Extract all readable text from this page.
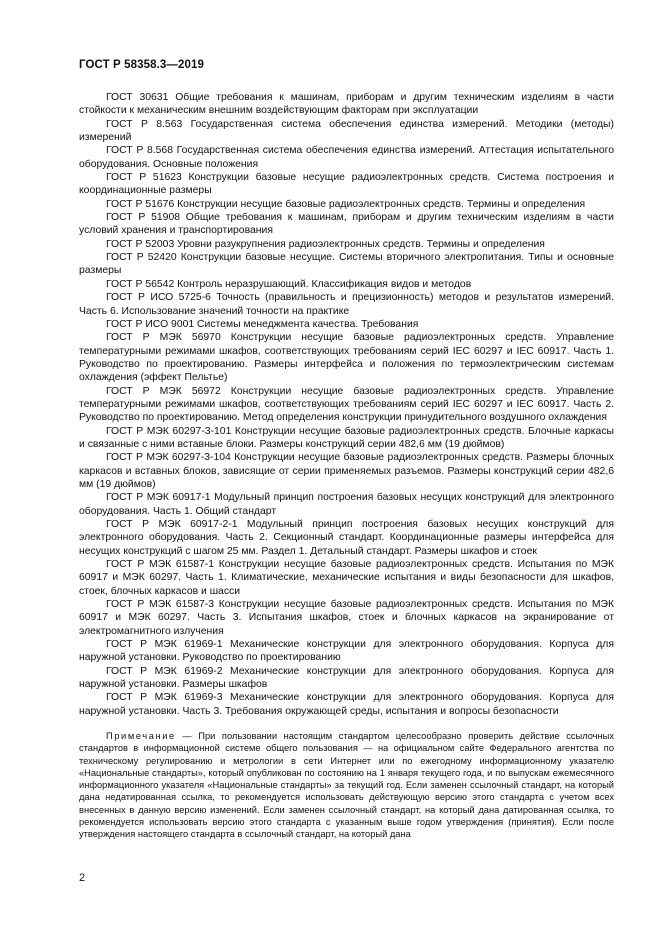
ГОСТ Р 58358.3—2019

ГОСТ 30631 Общие требования к машинам, приборам и другим техническим изделиям в части стойкости к механическим внешним воздействующим факторам при эксплуатации

ГОСТ Р 8.563 Государственная система обеспечения единства измерений. Методики (методы) измерений

ГОСТ Р 8.568 Государственная система обеспечения единства измерений. Аттестация испытательного оборудования. Основные положения

ГОСТ Р 51623 Конструкции базовые несущие радиоэлектронных средств. Система построения и координационные размеры

ГОСТ Р 51676 Конструкции несущие базовые радиоэлектронных средств. Термины и определения

ГОСТ Р 51908 Общие требования к машинам, приборам и другим техническим изделиям в части условий хранения и транспортирования

ГОСТ Р 52003 Уровни разукрупнения радиоэлектронных средств. Термины и определения

ГОСТ Р 52420 Конструкции базовые несущие. Системы вторичного электропитания. Типы и основные размеры

ГОСТ Р 56542 Контроль неразрушающий. Классификация видов и методов

ГОСТ Р ИСО 5725-6 Точность (правильность и прецизионность) методов и результатов измерений. Часть 6. Использование значений точности на практике

ГОСТ Р ИСО 9001 Системы менеджмента качества. Требования

ГОСТ Р МЭК 56970 Конструкции несущие базовые радиоэлектронных средств. Управление температурными режимами шкафов, соответствующих требованиям серий IEC 60297 и IEC 60917. Часть 1. Руководство по проектированию. Размеры интерфейса и положения по термоэлектрическим системам охлаждения (эффект Пельтье)

ГОСТ Р МЭК 56972 Конструкции несущие базовые радиоэлектронных средств. Управление температурными режимами шкафов, соответствующих требованиям серий IEC 60297 и IEC 60917. Часть 2. Руководство по проектированию. Метод определения конструкции принудительного воздушного охлаждения

ГОСТ Р МЭК 60297-3-101 Конструкции несущие базовые радиоэлектронных средств. Блочные каркасы и связанные с ними вставные блоки. Размеры конструкций серии 482,6 мм (19 дюймов)

ГОСТ Р МЭК 60297-3-104 Конструкции несущие базовые радиоэлектронных средств. Размеры блочных каркасов и вставных блоков, зависящие от серии применяемых разъемов. Размеры конструкций серии 482,6 мм (19 дюймов)

ГОСТ Р МЭК 60917-1 Модульный принцип построения базовых несущих конструкций для электронного оборудования. Часть 1. Общий стандарт

ГОСТ Р МЭК 60917-2-1 Модульный принцип построения базовых несущих конструкций для электронного оборудования. Часть 2. Секционный стандарт. Координационные размеры интерфейса для несущих конструкций с шагом 25 мм. Раздел 1. Детальный стандарт. Размеры шкафов и стоек

ГОСТ Р МЭК 61587-1 Конструкции несущие базовые радиоэлектронных средств. Испытания по МЭК 60917 и МЭК 60297. Часть 1. Климатические, механические испытания и виды безопасности для шкафов, стоек, блочных каркасов и шасси

ГОСТ Р МЭК 61587-3 Конструкции несущие базовые радиоэлектронных средств. Испытания по МЭК 60917 и МЭК 60297. Часть 3. Испытания шкафов, стоек и блочных каркасов на экранирование от электромагнитного излучения

ГОСТ Р МЭК 61969-1 Механические конструкции для электронного оборудования. Корпуса для наружной установки. Руководство по проектированию

ГОСТ Р МЭК 61969-2 Механические конструкции для электронного оборудования. Корпуса для наружной установки. Размеры шкафов

ГОСТ Р МЭК 61969-3 Механические конструкции для электронного оборудования. Корпуса для наружной установки. Часть 3. Требования окружающей среды, испытания и вопросы безопасности

Примечание — При пользовании настоящим стандартом целесообразно проверить действие ссылочных стандартов в информационной системе общего пользования — на официальном сайте Федерального агентства по техническому регулированию и метрологии в сети Интернет или по ежегодному информационному указателю «Национальные стандарты», который опубликован по состоянию на 1 января текущего года, и по выпускам ежемесячного информационного указателя «Национальные стандарты» за текущий год. Если заменен ссылочный стандарт, на который дана недатированная ссылка, то рекомендуется использовать действующую версию этого стандарта с учетом всех внесенных в данную версию изменений. Если заменен ссылочный стандарт, на который дана датированная ссылка, то рекомендуется использовать версию этого стандарта с указанным выше годом утверждения (принятия). Если после утверждения настоящего стандарта в ссылочный стандарт, на который дана

2
